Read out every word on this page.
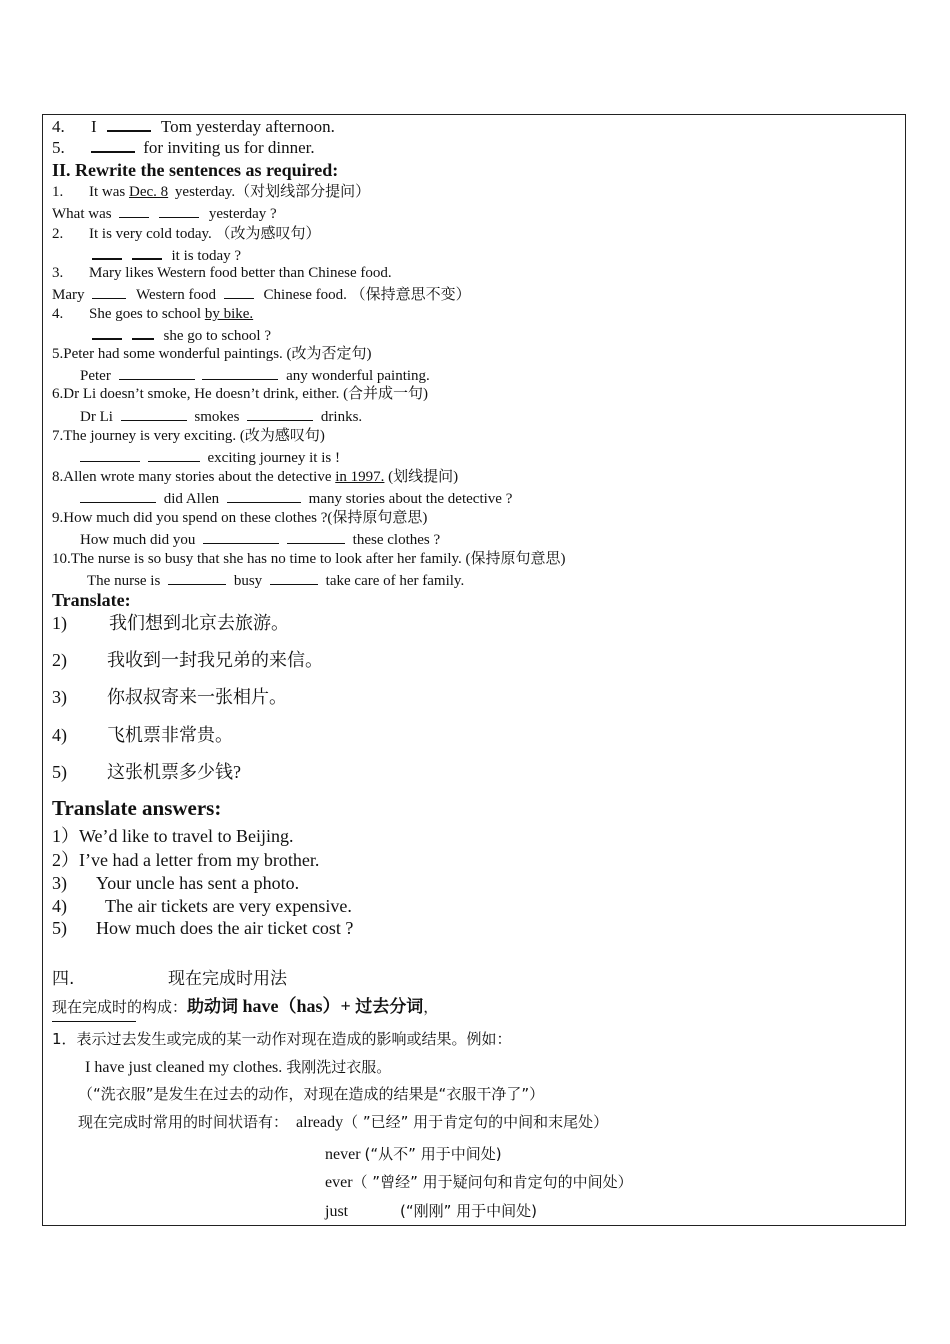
4. I	Tom yesterday afternoon.
5.	for inviting us for dinner.
II. Rewrite the sentences as required:
1. It was Dec. 8 yesterday.（对划线部分提问）
What was	yesterday ?
2. It is very cold today. （改为感叹句）
it is today ?
3. Mary likes Western food better than Chinese food.
Mary	Western food	Chinese food. （保持意思不变）
4. She goes to school by bike.
she go to school ?
5.Peter had some wonderful paintings. (改为否定句)
Peter	any wonderful painting.
6.Dr Li doesn’t smoke, He doesn’t drink, either. (合并成一句)
Dr Li	smokes	drinks.
7.The journey is very exciting. (改为感叹句)
exciting journey it is !
8.Allen wrote many stories about the detective in 1997. (划线提问)
did Allen	many stories about the detective ?
9.How much did you spend on these clothes ?(保持原句意思)
How much did you	these clothes ?
10.The nurse is so busy that she has no time to look after her family. (保持原句意思)
The nurse is	busy	take care of her family.
Translate:
1) 我们想到北京去旅游。
2) 我收到一封我兄弟的来信。
3) 你叔叔寄来一张相片。
4) 飞机票非常贵。
5) 这张机票多少钱?
Translate answers:
1）We’d like to travel to Beijing.
2）I’ve had a letter from my brother.
3) Your uncle has sent a photo.
4) The air tickets are very expensive.
5) How much does the air ticket cost ?
四.	现在完成时用法
现在完成时的构成：助动词 have（has）+ 过去分词，
1．表示过去发生或完成的某一动作对现在造成的影响或结果。例如：
I have just cleaned my clothes. 我刚洗过衣服。
（“洗衣服”是发生在过去的动作，对现在造成的结果是“衣服干净了”）
现在完成时常用的时间状语有： already（ ”已经” 用于肯定句的中间和末尾处）
never (“从不” 用于中间处)
ever（ ”曾经” 用于疑问句和肯定句的中间处）
just	(“刚刚” 用于中间处)
